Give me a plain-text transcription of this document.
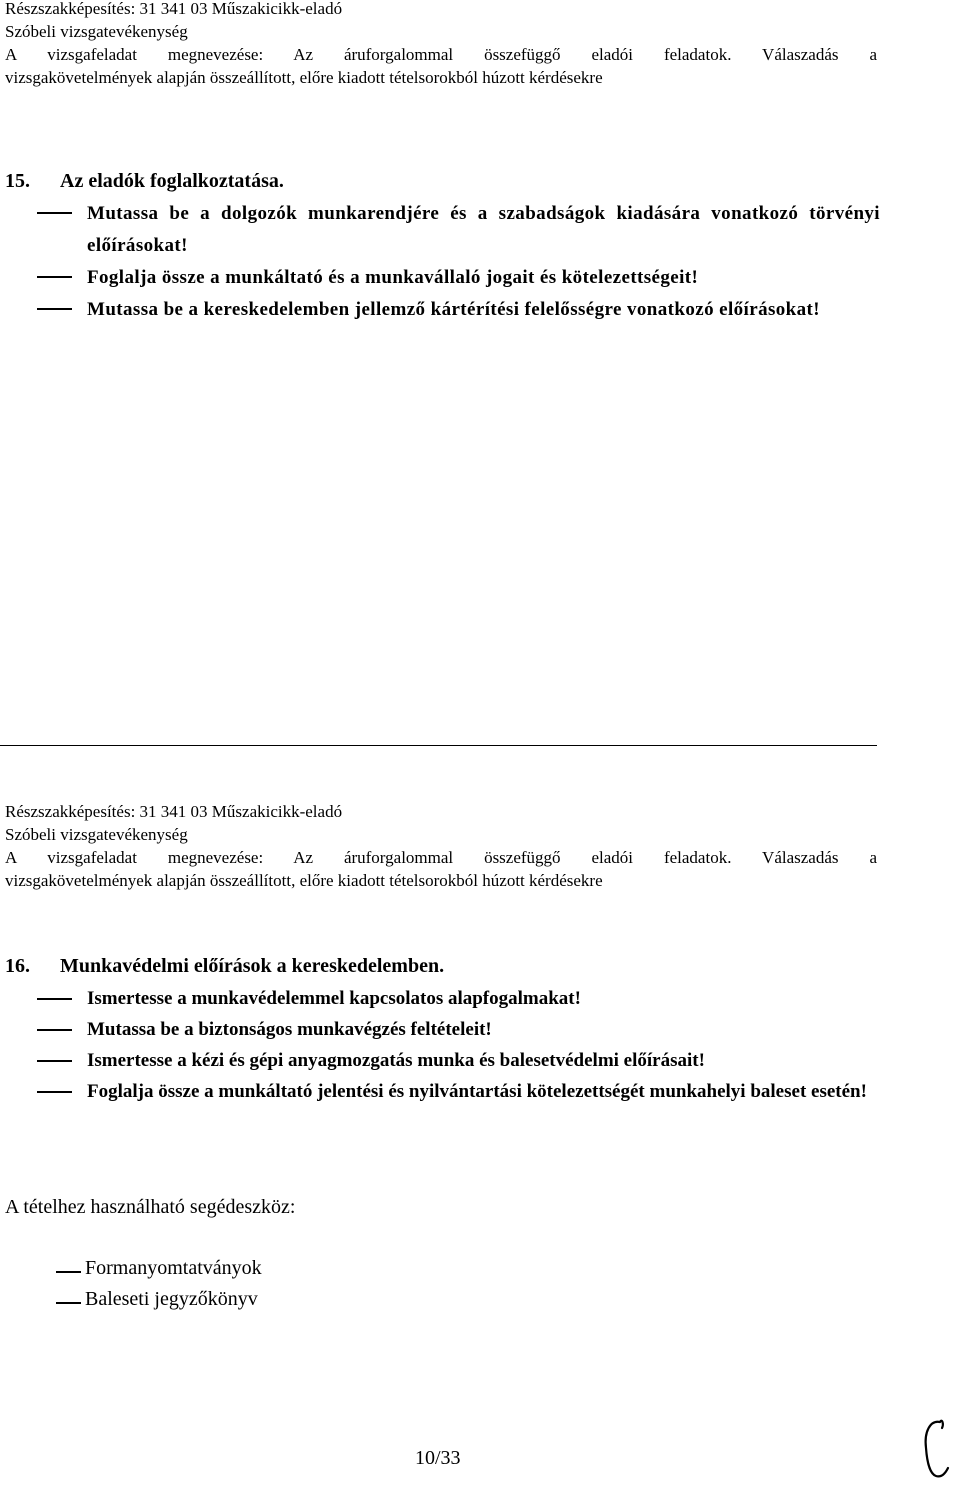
Részszakképesítés: 31 341 03 Műszakicikk-eladó
Szóbeli vizsgatevékenység
A vizsgafeladat megnevezése: Az áruforgalommal összefüggő eladói feladatok. Válaszadás a
vizsgakövetelmények alapján összeállított, előre kiadott tételsorokból húzott kérdésekre
15. Az eladók foglalkoztatása.
Mutassa be a dolgozók munkarendjére és a szabadságok kiadására vonatkozó törvényi előírásokat!
Foglalja össze a munkáltató és a munkavállaló jogait és kötelezettségeit!
Mutassa be a kereskedelemben jellemző kártérítési felelősségre vonatkozó előírásokat!
Részszakképesítés: 31 341 03 Műszakicikk-eladó
Szóbeli vizsgatevékenység
A vizsgafeladat megnevezése: Az áruforgalommal összefüggő eladói feladatok. Válaszadás a
vizsgakövetelmények alapján összeállított, előre kiadott tételsorokból húzott kérdésekre
16. Munkavédelmi előírások a kereskedelemben.
Ismertesse a munkavédelemmel kapcsolatos alapfogalmakat!
Mutassa be a biztonságos munkavégzés feltételeit!
Ismertesse a kézi és gépi anyagmozgatás munka és balesetvédelmi előírásait!
Foglalja össze a munkáltató jelentési és nyilvántartási kötelezettségét munkahelyi baleset esetén!
A tételhez használható segédeszköz:
Formanyomtatványok
Baleseti jegyzőkönyv
10/33
